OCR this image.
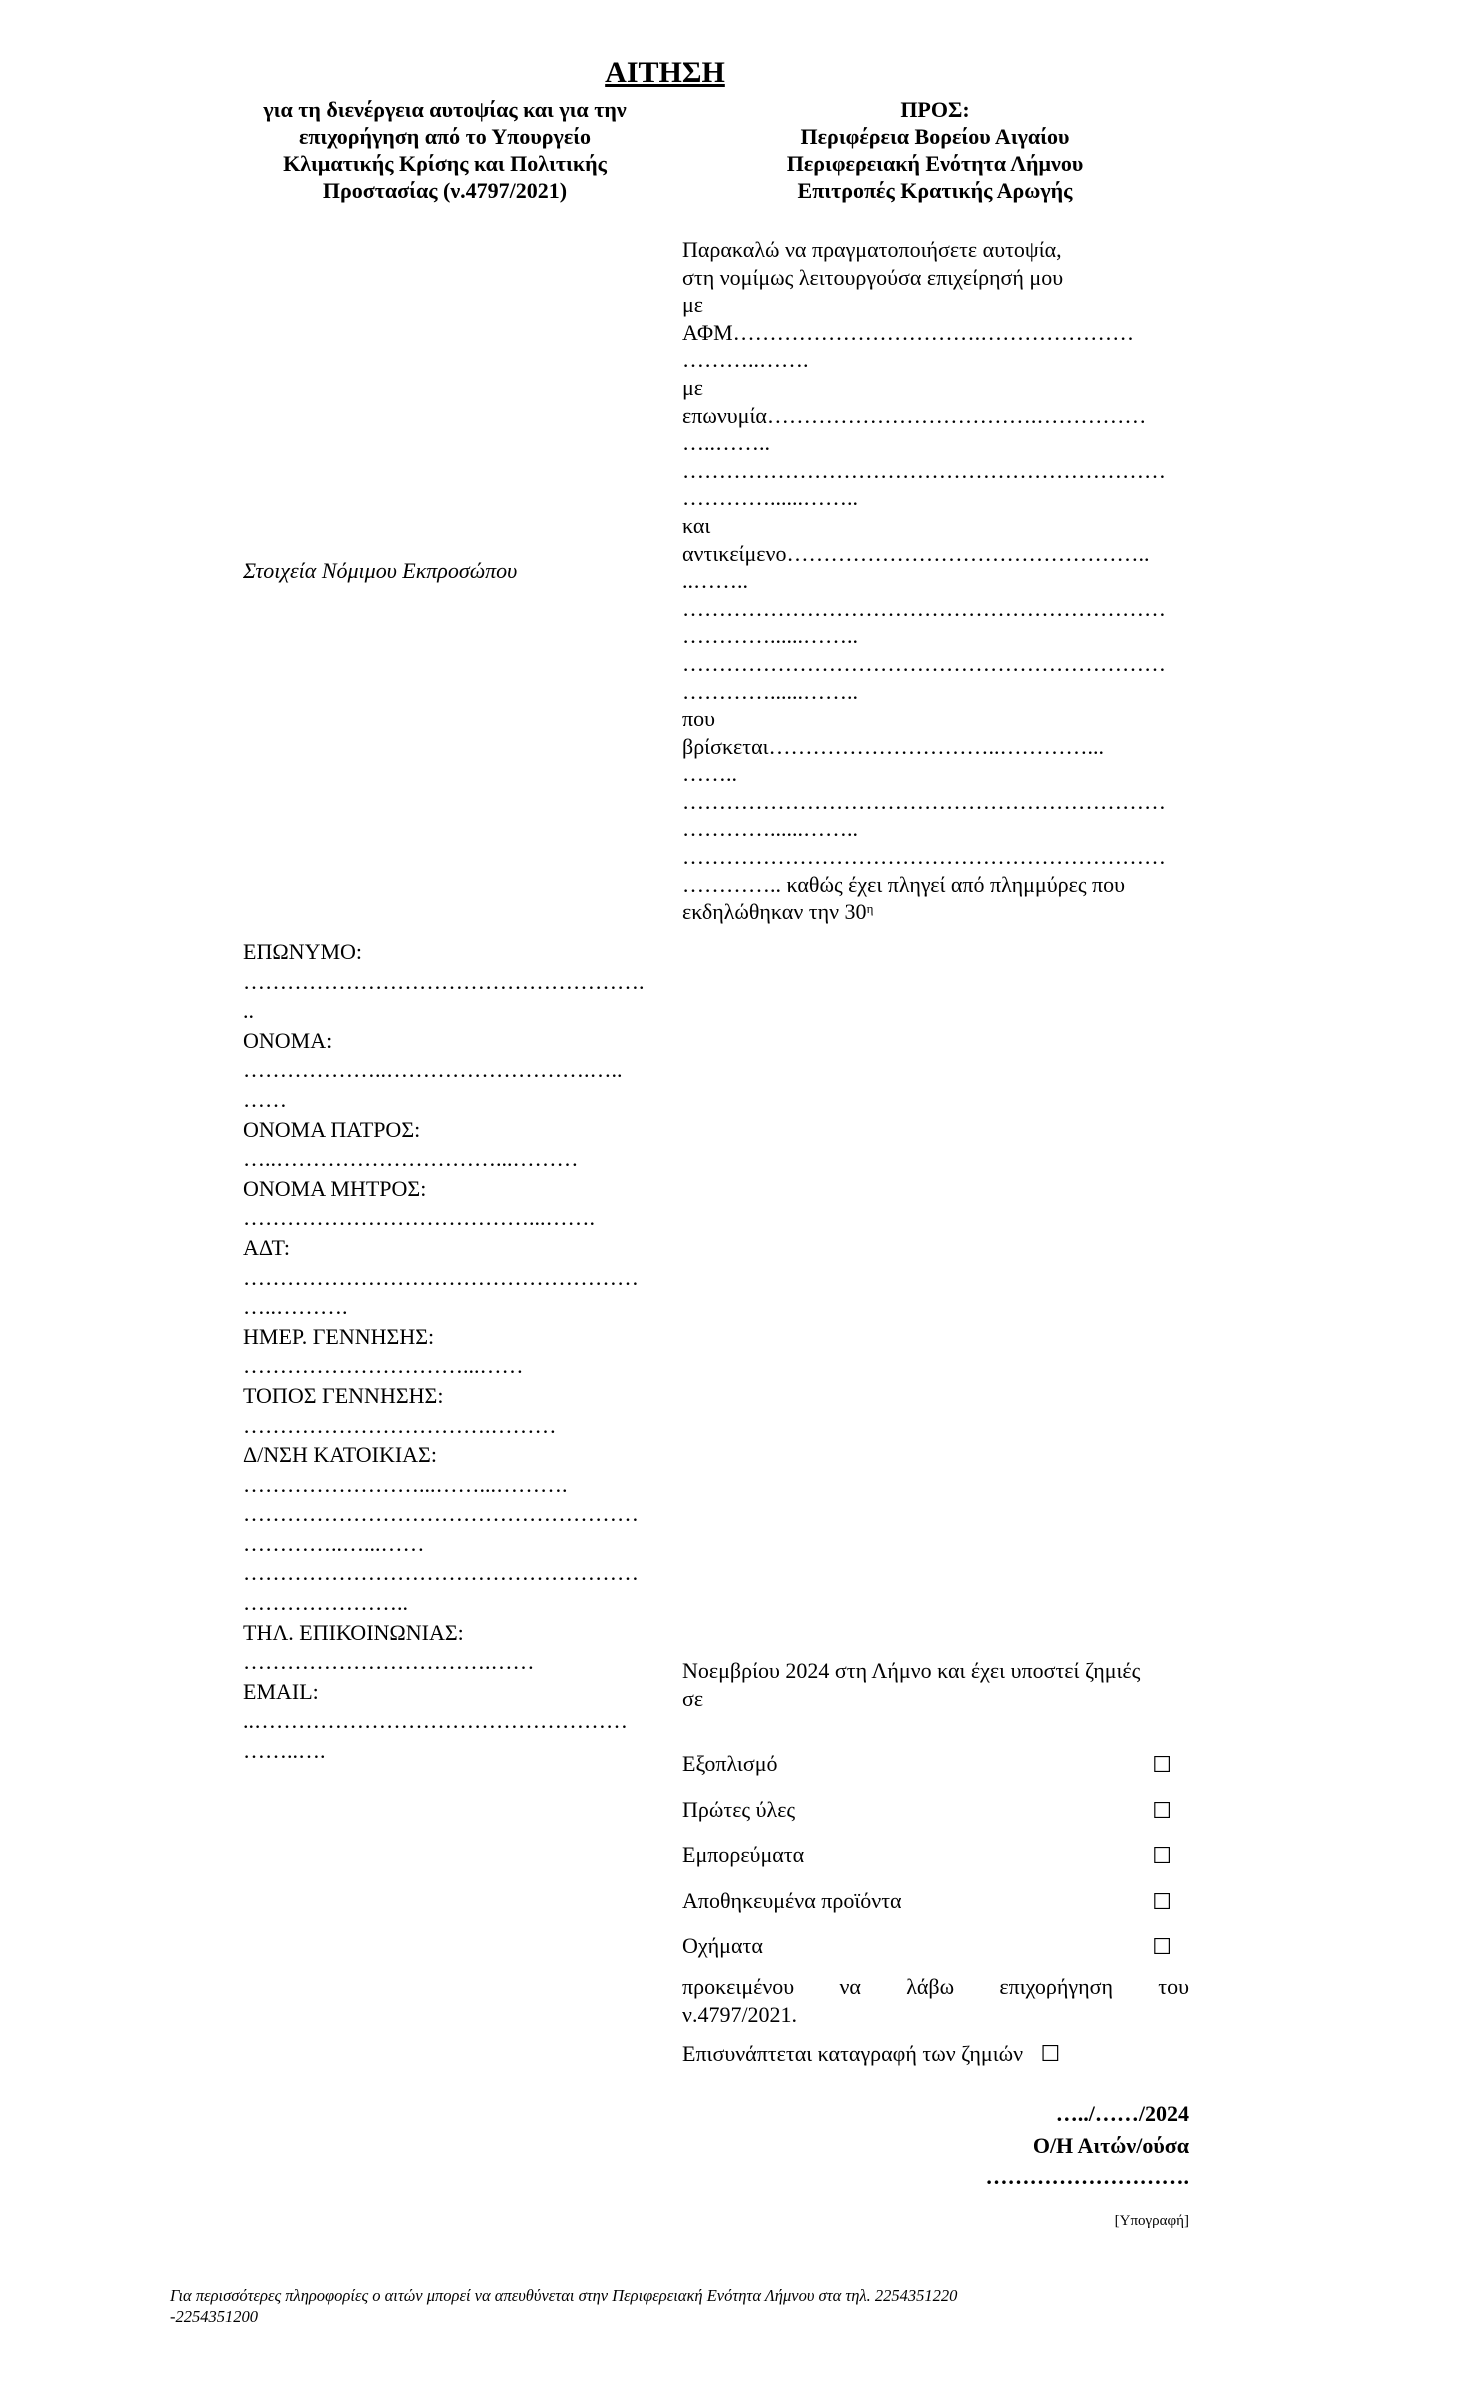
ΑΙΤΗΣΗ
για τη διενέργεια αυτοψίας και για την
επιχορήγηση από το Υπουργείο
Κλιματικής Κρίσης και Πολιτικής
Προστασίας (ν.4797/2021)
ΠΡΟΣ:
Περιφέρεια Βορείου Αιγαίου
Περιφερειακή Ενότητα Λήμνου
Επιτροπές Κρατικής Αρωγής
Στοιχεία Νόμιμου Εκπροσώπου

Παρακαλώ να πραγματοποιήσετε αυτοψία,

στη νομίμως λειτουργούσα επιχείρησή μου

με

ΑΦΜ…………………………….…………………

………..…….

με

επωνυμία……………………………….……………

…..……..

…………………………………………………………

…………......……..

και

αντικείμενο…………………………………………..

..……..

…………………………………………………………

…………......……..

…………………………………………………………

…………......……..

που

βρίσκεται…………………………..…………...

……..

…………………………………………………………

…………......……..

…………………………………………………………

………….. καθώς έχει πληγεί από πλημμύρες που

εκδηλώθηκαν την $30^\eta$

ΕΠΩΝΥΜΟ:

……………………………………………….

..

ΟΝΟΜΑ:

………………..……………………….…..

……

ΟΝΟΜΑ ΠΑΤΡΟΣ:

…..…………………………...………

ΟΝΟΜΑ ΜΗΤΡΟΣ:

…………………………………...…….

ΑΔΤ:

………………………………………………

…..……….

ΗΜΕΡ. ΓΕΝΝΗΣΗΣ:

…………………………...……

ΤΟΠΟΣ ΓΕΝΝΗΣΗΣ:

…………………………….………

Δ/ΝΣΗ ΚΑΤΟΙΚΙΑΣ:

……………………...……...……….

………………………………………………

…………..…...……

………………………………………………

…………………..

ΤΗΛ. ΕΠΙΚΟΙΝΩΝΙΑΣ:

…………………………….……

EMAIL:

..……………………………………………

……..….

Νοεμβρίου 2024 στη Λήμνο και έχει υποστεί ζημιές

σε

Εξοπλισμό	☐
Πρώτες ύλες	☐
Εμπορεύματα	☐
Αποθηκευμένα προϊόντα	☐
Οχήματα	☐

προκειμένου να λάβω επιχορήγηση του

ν.4797/2021.

Επισυνάπτεται καταγραφή των ζημιών ☐
…../……/2024
Ο/Η Αιτών/ούσα
……………………….
[Υπογραφή]
Για περισσότερες πληροφορίες ο αιτών μπορεί να απευθύνεται στην Περιφερειακή Ενότητα Λήμνου στα τηλ. 2254351220
-2254351200
